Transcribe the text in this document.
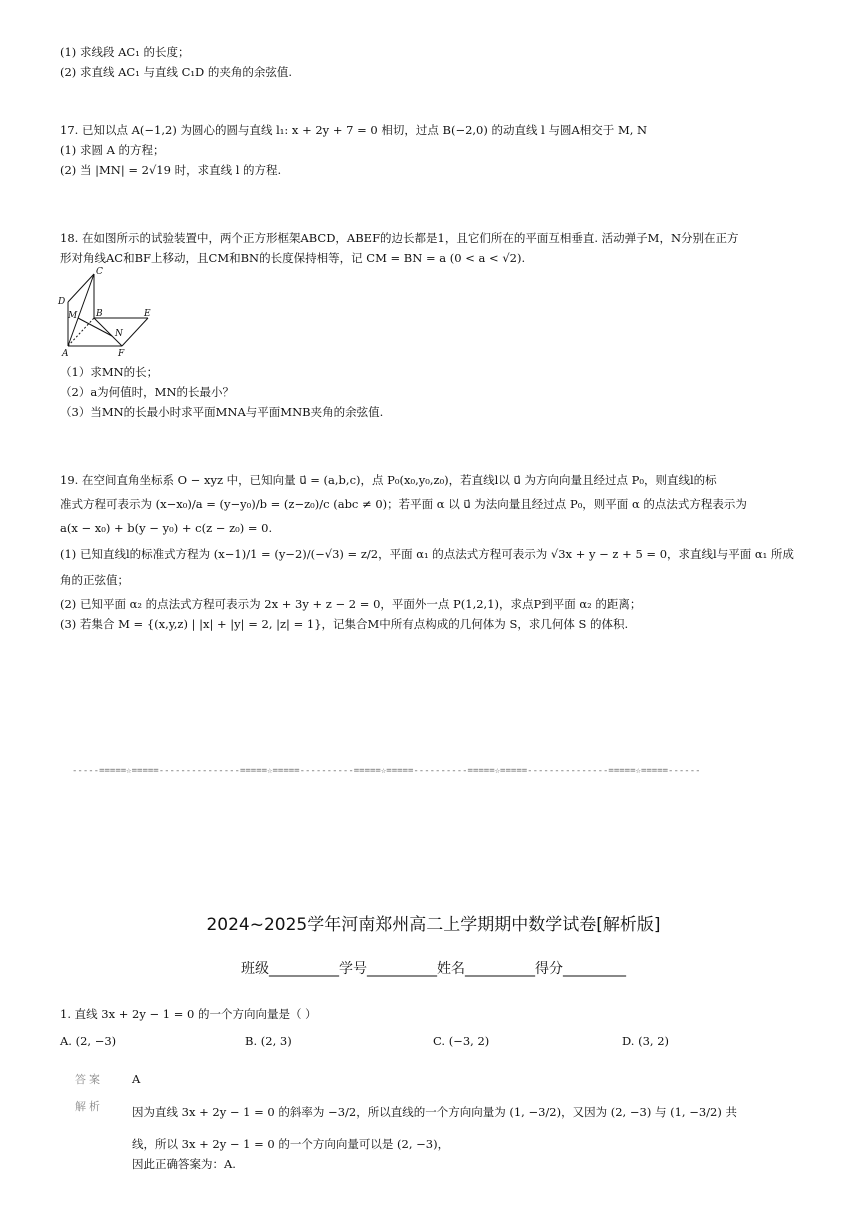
(1) 求线段 AC₁ 的长度；
(2) 求直线 AC₁ 与直线 C₁D 的夹角的余弦值.
17. 已知以点 A(−1,2) 为圆心的圆与直线 l₁: x + 2y + 7 = 0 相切，过点 B(−2,0) 的动直线 l 与圆A相交于 M, N
(1) 求圆 A 的方程；
(2) 当 |MN| = 2√19 时，求直线 l 的方程.
18. 在如图所示的试验装置中，两个正方形框架ABCD，ABEF的边长都是1，且它们所在的平面互相垂直. 活动弹子M，N分别在正方
形对角线AC和BF上移动，且CM和BN的长度保持相等，记 CM = BN = a (0 < a < √2).
C
D
M B	E
N
A	F
（1）求MN的长；
（2）a为何值时，MN的长最小？
（3）当MN的长最小时求平面MNA与平面MNB夹角的余弦值.
19. 在空间直角坐标系 O − xyz 中，已知向量 u⃗ = (a,b,c)，点 P₀(x₀,y₀,z₀)，若直线l以 u⃗ 为方向向量且经过点 P₀，则直线l的标
准式方程可表示为 (x−x₀)/a = (y−y₀)/b = (z−z₀)/c (abc ≠ 0)；若平面 α 以 u⃗ 为法向量且经过点 P₀，则平面 α 的点法式方程表示为
a(x − x₀) + b(y − y₀) + c(z − z₀) = 0.
(1) 已知直线l的标准式方程为 (x−1)/1 = (y−2)/(−√3) = z/2，平面 α₁ 的点法式方程可表示为 √3x + y − z + 5 = 0，求直线l与平面 α₁ 所成
角的正弦值；
(2) 已知平面 α₂ 的点法式方程可表示为 2x + 3y + z − 2 = 0，平面外一点 P(1,2,1)，求点P到平面 α₂ 的距离；
(3) 若集合 M = {(x,y,z) | |x| + |y| = 2, |z| = 1}，记集合M中所有点构成的几何体为 S，求几何体 S 的体积.
-----=====☆=====---------------=====☆=====----------=====☆=====----------=====☆=====---------------=====☆=====------
2024~2025学年河南郑州高二上学期期中数学试卷[解析版]
班级__________学号__________姓名__________得分_________
1. 直线 3x + 2y − 1 = 0 的一个方向向量是（ ）
A. (2, −3)	B. (2, 3)	C. (−3, 2)	D. (3, 2)
答案	A
解析	因为直线 3x + 2y − 1 = 0 的斜率为 −3/2，所以直线的一个方向向量为 (1, −3/2)，又因为 (2, −3) 与 (1, −3/2) 共
线，所以 3x + 2y − 1 = 0 的一个方向向量可以是 (2, −3)，
因此正确答案为：A.
